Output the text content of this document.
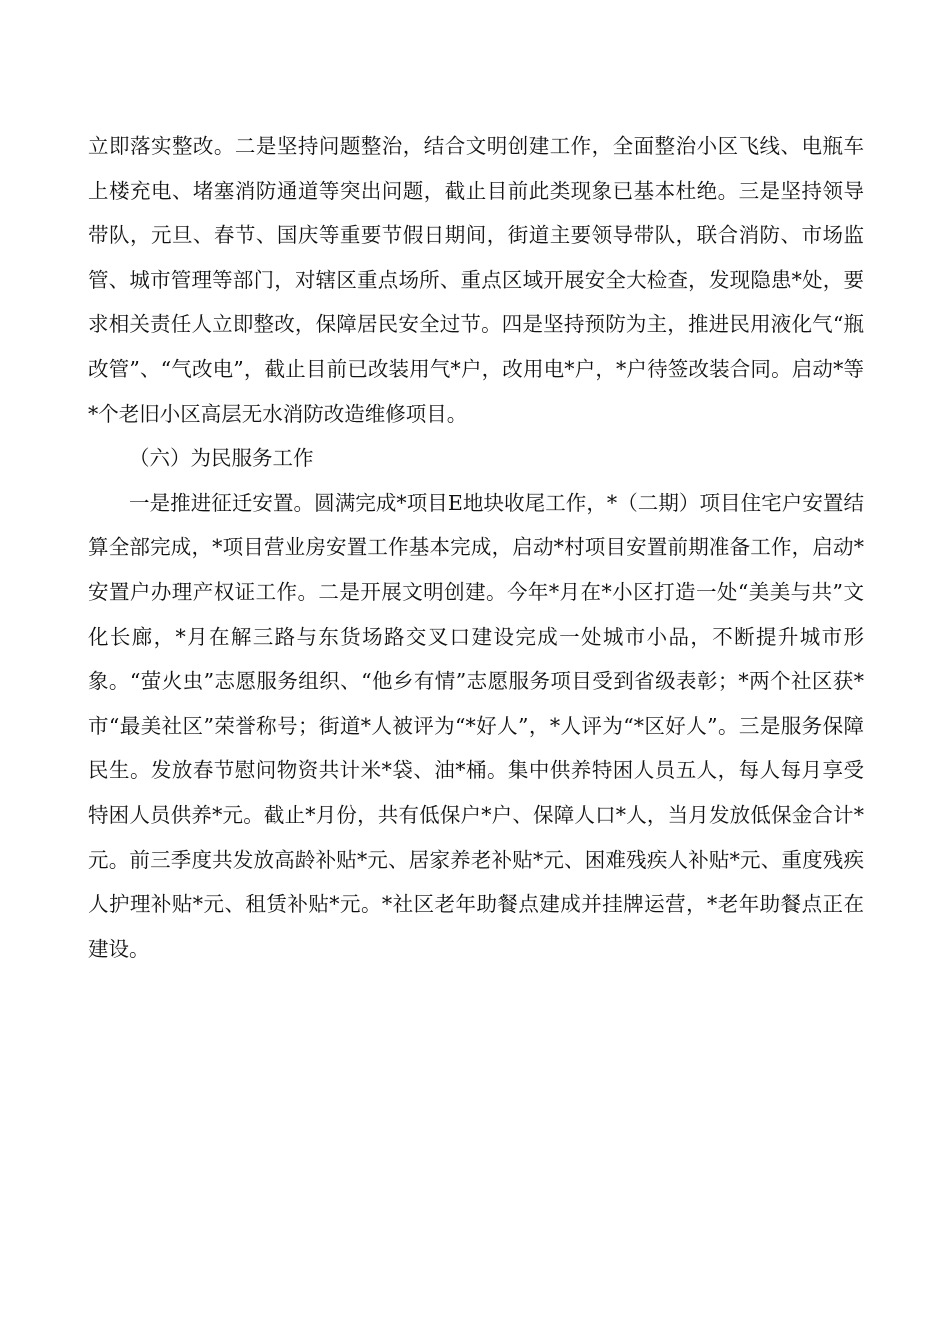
立即落实整改。二是坚持问题整治，结合文明创建工作，全面整治小区飞线、电瓶车上楼充电、堵塞消防通道等突出问题，截止目前此类现象已基本杜绝。三是坚持领导带队，元旦、春节、国庆等重要节假日期间，街道主要领导带队，联合消防、市场监管、城市管理等部门，对辖区重点场所、重点区域开展安全大检查，发现隐患*处，要求相关责任人立即整改，保障居民安全过节。四是坚持预防为主，推进民用液化气“瓶改管”、“气改电”，截止目前已改装用气*户，改用电*户，*户待签改装合同。启动*等*个老旧小区高层无水消防改造维修项目。

（六）为民服务工作

一是推进征迁安置。圆满完成*项目E地块收尾工作，*（二期）项目住宅户安置结算全部完成，*项目营业房安置工作基本完成，启动*村项目安置前期准备工作，启动*安置户办理产权证工作。二是开展文明创建。今年*月在*小区打造一处“美美与共”文化长廊，*月在解三路与东货场路交叉口建设完成一处城市小品，不断提升城市形象。“萤火虫”志愿服务组织、“他乡有情”志愿服务项目受到省级表彰；*两个社区获*市“最美社区”荣誉称号；街道*人被评为“*好人”，*人评为“*区好人”。三是服务保障民生。发放春节慰问物资共计米*袋、油*桶。集中供养特困人员五人，每人每月享受特困人员供养*元。截止*月份，共有低保户*户、保障人口*人，当月发放低保金合计*元。前三季度共发放高龄补贴*元、居家养老补贴*元、困难残疾人补贴*元、重度残疾人护理补贴*元、租赁补贴*元。*社区老年助餐点建成并挂牌运营，*老年助餐点正在建设。
